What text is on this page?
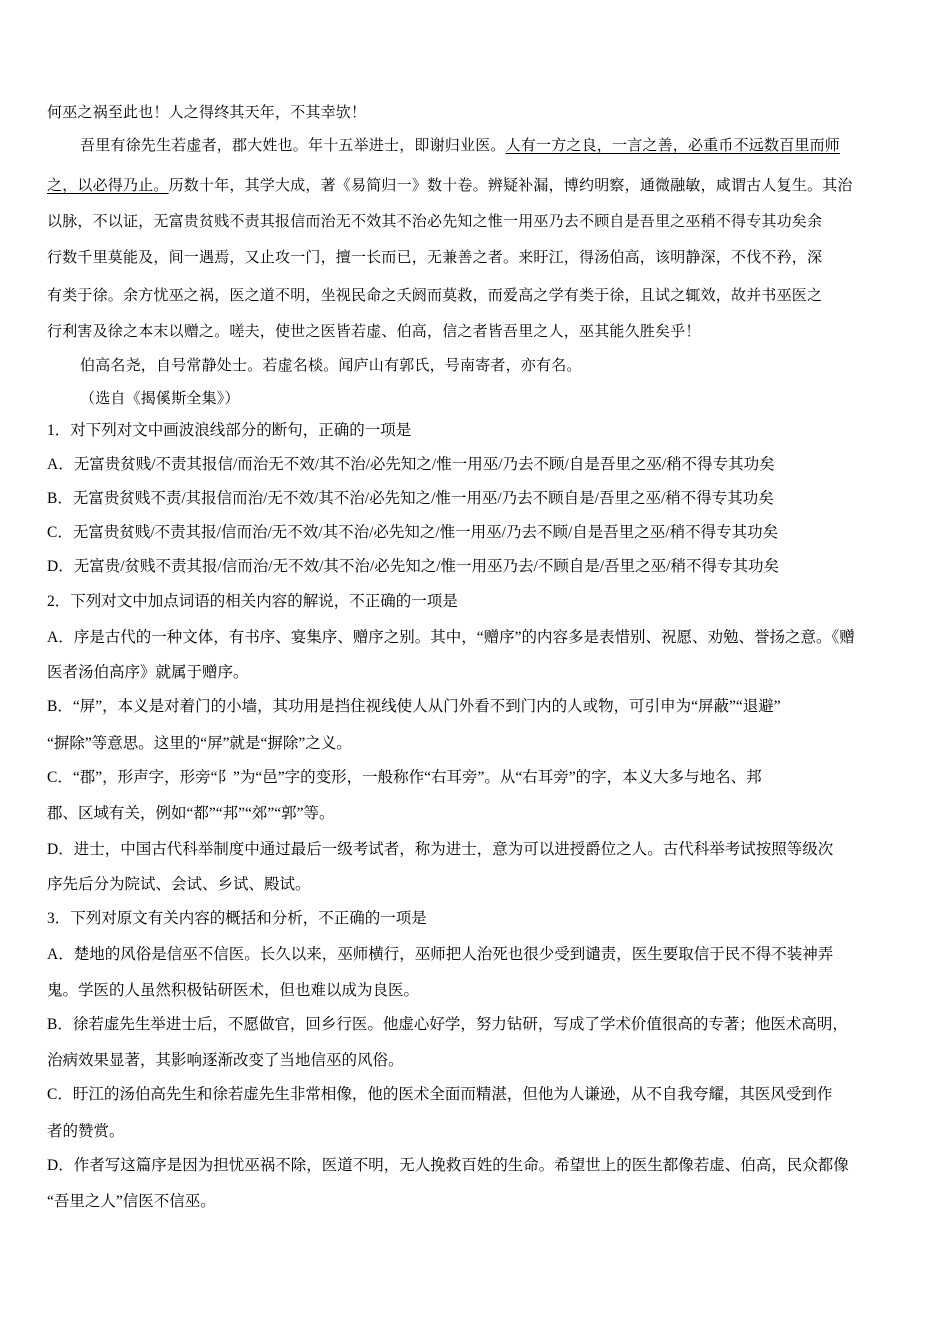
何巫之祸至此也！人之得终其天年，不其幸欤！
吾里有徐先生若虚者，郡大姓也。年十五举进士，即谢归业医。人有一方之良，一言之善，必重币不远数百里而师
之，以必得乃止。历数十年，其学大成，著《易简归一》数十卷。辨疑补漏，博约明察，通微融敏，咸谓古人复生。其治
以脉，不以证，无富贵贫贱不责其报信而治无不效其不治必先知之惟一用巫乃去不顾自是吾里之巫稍不得专其功矣余
行数千里莫能及，间一遇焉，又止攻一门，擅一长而已，无兼善之者。来盱江，得汤伯高，该明静深，不伐不矜，深
有类于徐。余方忧巫之祸，医之道不明，坐视民命之夭阏而莫救，而爱高之学有类于徐，且试之辄效，故并书巫医之
行利害及徐之本末以赠之。嗟夫，使世之医皆若虚、伯高，信之者皆吾里之人，巫其能久胜矣乎！
伯高名尧，自号常静处士。若虚名棪。闻庐山有郭氏，号南寄者，亦有名。
（选自《揭傒斯全集》）
1．对下列对文中画波浪线部分的断句，正确的一项是
A．无富贵贫贱/不责其报信/而治无不效/其不治/必先知之/惟一用巫/乃去不顾/自是吾里之巫/稍不得专其功矣
B．无富贵贫贱不责/其报信而治/无不效/其不治/必先知之/惟一用巫/乃去不顾自是/吾里之巫/稍不得专其功矣
C．无富贵贫贱/不责其报/信而治/无不效/其不治/必先知之/惟一用巫/乃去不顾/自是吾里之巫/稍不得专其功矣
D．无富贵/贫贱不责其报/信而治/无不效/其不治/必先知之/惟一用巫乃去/不顾自是/吾里之巫/稍不得专其功矣
2．下列对文中加点词语的相关内容的解说，不正确的一项是
A．序是古代的一种文体，有书序、宴集序、赠序之别。其中，“赠序”的内容多是表惜别、祝愿、劝勉、誉扬之意。《赠
医者汤伯高序》就属于赠序。
B．“屏”，本义是对着门的小墙，其功用是挡住视线使人从门外看不到门内的人或物，可引申为“屏蔽”“退避”
“摒除”等意思。这里的“屏”就是“摒除”之义。
C．“郡”，形声字，形旁“阝”为“邑”字的变形，一般称作“右耳旁”。从“右耳旁”的字，本义大多与地名、邦
郡、区域有关，例如“都”“邦”“郊”“郭”等。
D．进士，中国古代科举制度中通过最后一级考试者，称为进士，意为可以进授爵位之人。古代科举考试按照等级次
序先后分为院试、会试、乡试、殿试。
3．下列对原文有关内容的概括和分析，不正确的一项是
A．楚地的风俗是信巫不信医。长久以来，巫师横行，巫师把人治死也很少受到谴责，医生要取信于民不得不装神弄
鬼。学医的人虽然积极钻研医术，但也难以成为良医。
B．徐若虚先生举进士后，不愿做官，回乡行医。他虚心好学，努力钻研，写成了学术价值很高的专著；他医术高明，
治病效果显著，其影响逐渐改变了当地信巫的风俗。
C．盱江的汤伯高先生和徐若虚先生非常相像，他的医术全面而精湛，但他为人谦逊，从不自我夸耀，其医风受到作
者的赞赏。
D．作者写这篇序是因为担忧巫祸不除，医道不明，无人挽救百姓的生命。希望世上的医生都像若虚、伯高，民众都像
“吾里之人”信医不信巫。
